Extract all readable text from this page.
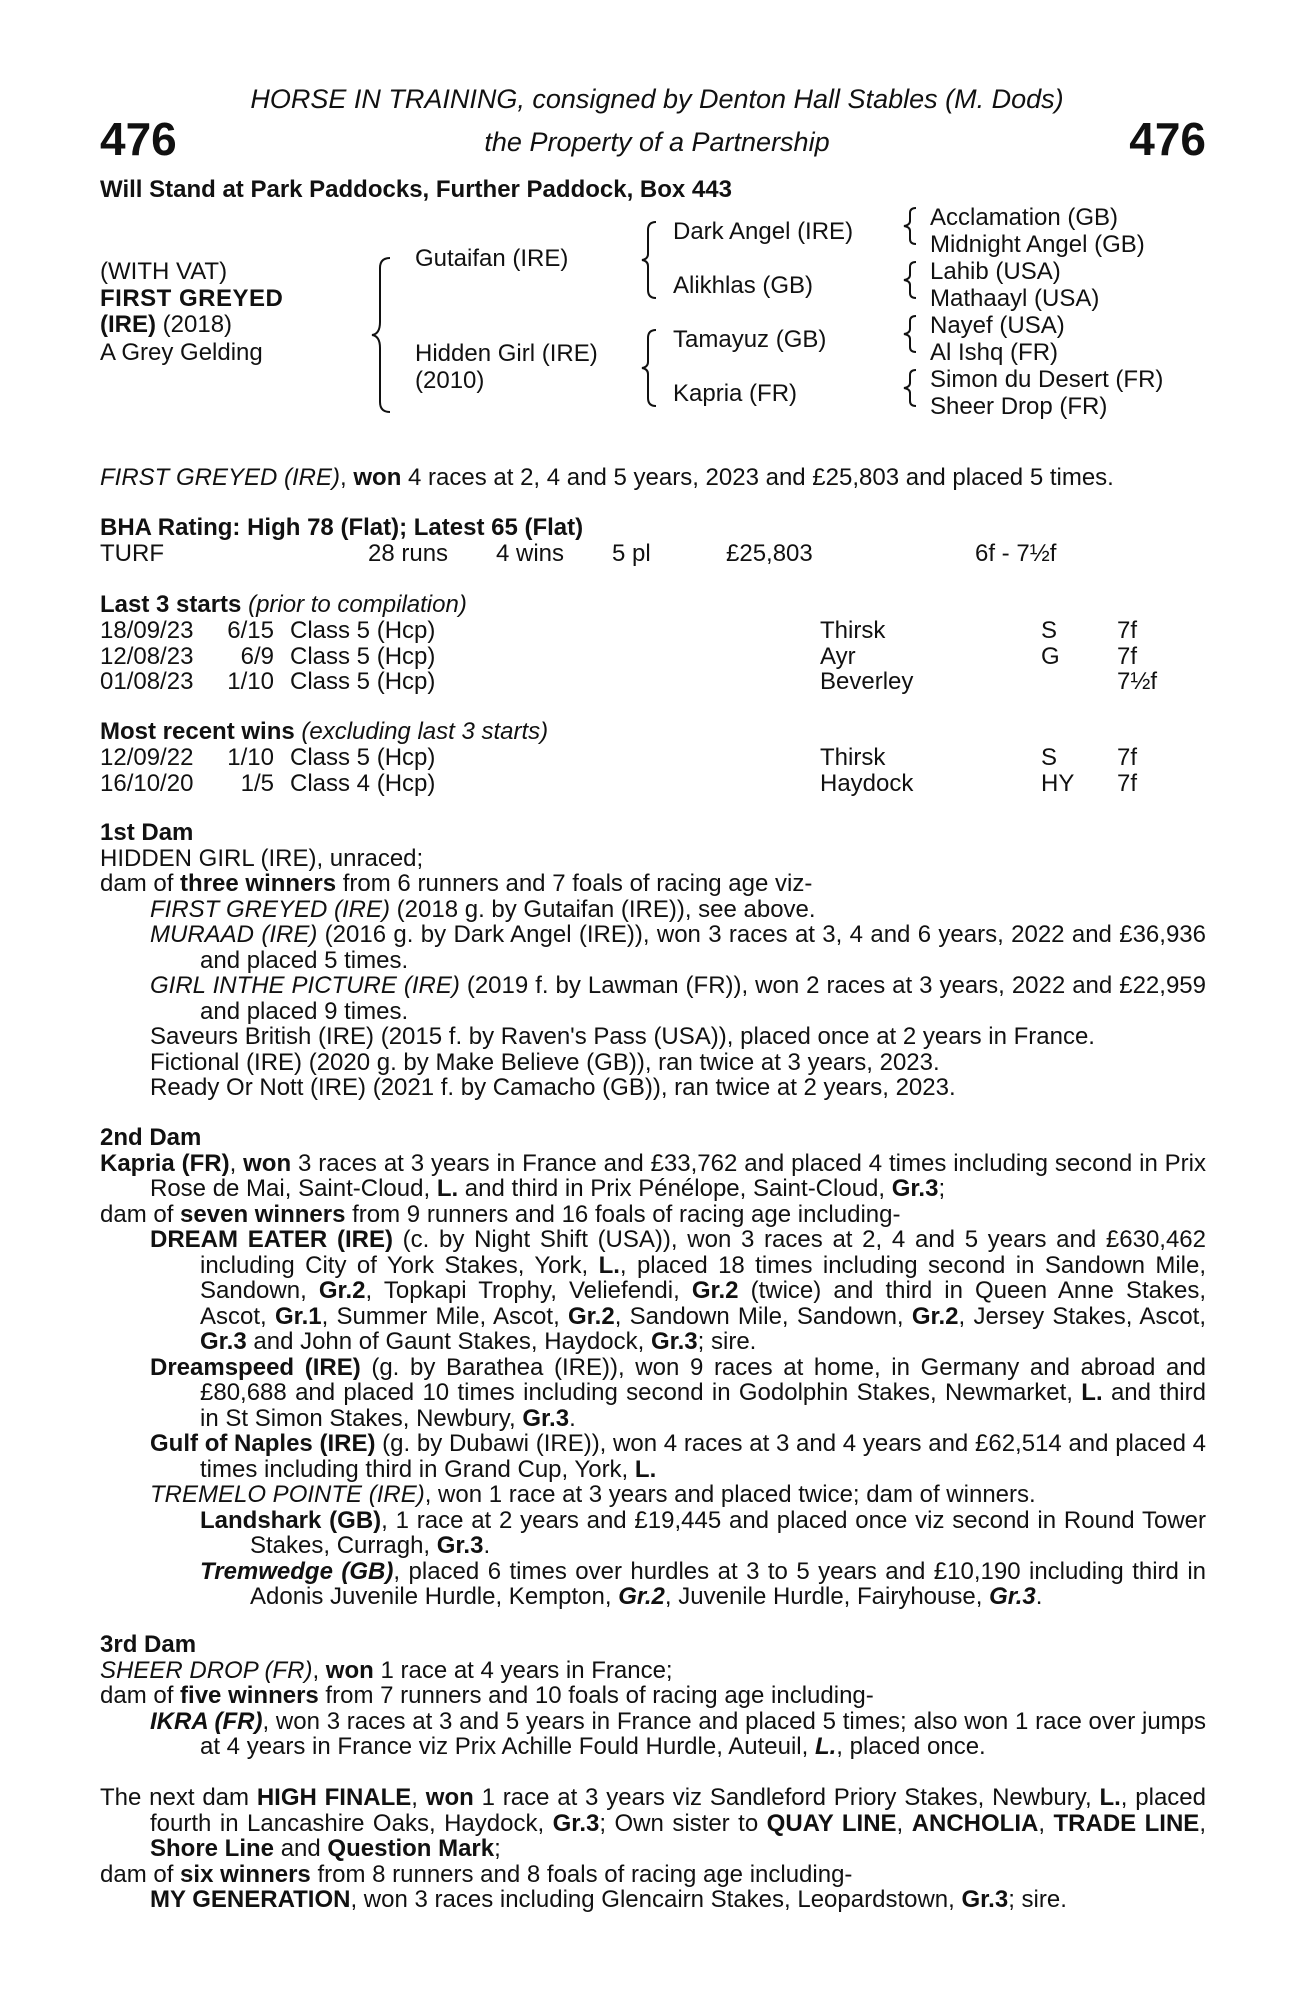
476	476
HORSE IN TRAINING, consigned by Denton Hall Stables (M. Dods)
the Property of a Partnership
Will Stand at Park Paddocks, Further Paddock, Box 443
(WITH VAT)
FIRST GREYED
(IRE) (2018)
A Grey Gelding
Gutaifan (IRE)
Hidden Girl (IRE)
(2010)
Dark Angel (IRE)
Alikhlas (GB)
Tamayuz (GB)
Kapria (FR)
Acclamation (GB)
Midnight Angel (GB)
Lahib (USA)
Mathaayl (USA)
Nayef (USA)
Al Ishq (FR)
Simon du Desert (FR)
Sheer Drop (FR)
FIRST GREYED (IRE), won 4 races at 2, 4 and 5 years, 2023 and £25,803 and placed 5 times.
BHA Rating: High 78 (Flat); Latest 65 (Flat)
TURF	28 runs 4 wins 5 pl	£25,803	6f - 7½f
Last 3 starts (prior to compilation)
18/09/23 6/15 Class 5 (Hcp)	Thirsk	S 7f
12/08/23	6/9 Class 5 (Hcp)	Ayr	G 7f
01/08/23 1/10 Class 5 (Hcp)	Beverley	7½f
Most recent wins (excluding last 3 starts)
12/09/22 1/10 Class 5 (Hcp)	Thirsk	S 7f
16/10/20	1/5 Class 4 (Hcp)	Haydock	HY 7f

1st Dam

HIDDEN GIRL (IRE), unraced;

dam of three winners from 6 runners and 7 foals of racing age viz-

FIRST GREYED (IRE) (2018 g. by Gutaifan (IRE)), see above.

MURAAD (IRE) (2016 g. by Dark Angel (IRE)), won 3 races at 3, 4 and 6 years, 2022 and £36,936 and placed 5 times.

GIRL INTHE PICTURE (IRE) (2019 f. by Lawman (FR)), won 2 races at 3 years, 2022 and £22,959 and placed 9 times.

Saveurs British (IRE) (2015 f. by Raven's Pass (USA)), placed once at 2 years in France.

Fictional (IRE) (2020 g. by Make Believe (GB)), ran twice at 3 years, 2023.

Ready Or Nott (IRE) (2021 f. by Camacho (GB)), ran twice at 2 years, 2023.

2nd Dam

Kapria (FR), won 3 races at 3 years in France and £33,762 and placed 4 times including second in Prix Rose de Mai, Saint-Cloud, L. and third in Prix Pénélope, Saint-Cloud, Gr.3;

dam of seven winners from 9 runners and 16 foals of racing age including-

DREAM EATER (IRE) (c. by Night Shift (USA)), won 3 races at 2, 4 and 5 years and £630,462 including City of York Stakes, York, L., placed 18 times including second in Sandown Mile, Sandown, Gr.2, Topkapi Trophy, Veliefendi, Gr.2 (twice) and third in Queen Anne Stakes, Ascot, Gr.1, Summer Mile, Ascot, Gr.2, Sandown Mile, Sandown, Gr.2, Jersey Stakes, Ascot, Gr.3 and John of Gaunt Stakes, Haydock, Gr.3; sire.

Dreamspeed (IRE) (g. by Barathea (IRE)), won 9 races at home, in Germany and abroad and £80,688 and placed 10 times including second in Godolphin Stakes, Newmarket, L. and third in St Simon Stakes, Newbury, Gr.3.

Gulf of Naples (IRE) (g. by Dubawi (IRE)), won 4 races at 3 and 4 years and £62,514 and placed 4 times including third in Grand Cup, York, L.

TREMELO POINTE (IRE), won 1 race at 3 years and placed twice; dam of winners.

Landshark (GB), 1 race at 2 years and £19,445 and placed once viz second in Round Tower Stakes, Curragh, Gr.3.

Tremwedge (GB), placed 6 times over hurdles at 3 to 5 years and £10,190 including third in Adonis Juvenile Hurdle, Kempton, Gr.2, Juvenile Hurdle, Fairyhouse, Gr.3.

3rd Dam

SHEER DROP (FR), won 1 race at 4 years in France;

dam of five winners from 7 runners and 10 foals of racing age including-

IKRA (FR), won 3 races at 3 and 5 years in France and placed 5 times; also won 1 race over jumps at 4 years in France viz Prix Achille Fould Hurdle, Auteuil, L., placed once.

The next dam HIGH FINALE, won 1 race at 3 years viz Sandleford Priory Stakes, Newbury, L., placed fourth in Lancashire Oaks, Haydock, Gr.3; Own sister to QUAY LINE, ANCHOLIA, TRADE LINE, Shore Line and Question Mark;

dam of six winners from 8 runners and 8 foals of racing age including-

MY GENERATION, won 3 races including Glencairn Stakes, Leopardstown, Gr.3; sire.
